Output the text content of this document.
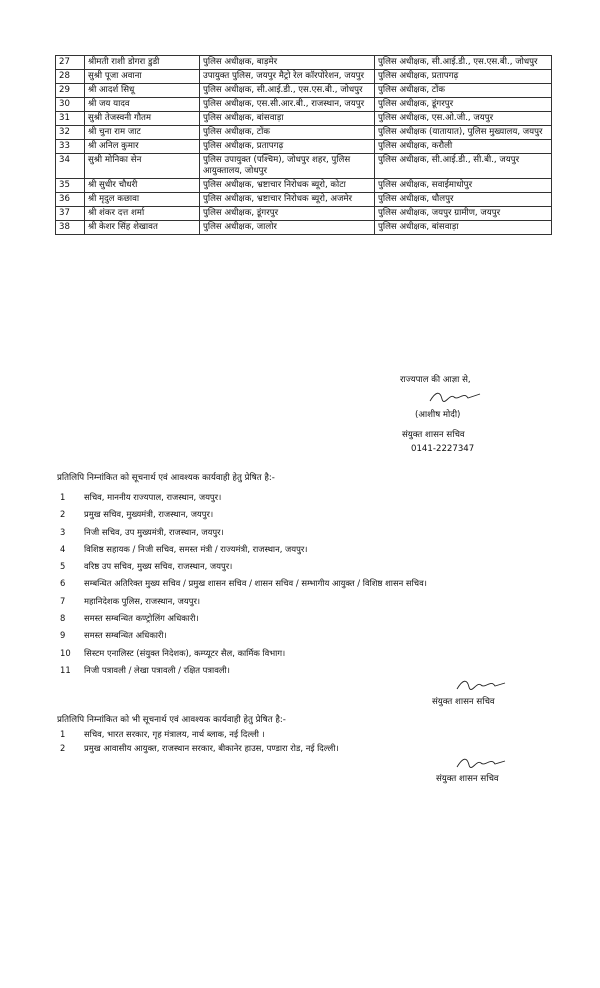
27	श्रीमती राशी डोगरा डुडी	पुलिस अधीक्षक, बाड़मेर	पुलिस अधीक्षक, सी.आई.डी., एस.एस.बी., जोधपुर
28	सुश्री पूजा अवाना	उपायुक्त पुलिस, जयपुर मैट्रो रेल कॉरपोरेशन, जयपुर	पुलिस अधीक्षक, प्रतापगढ़
29	श्री आदर्श सिधू	पुलिस अधीक्षक, सी.आई.डी., एस.एस.बी., जोधपुर	पुलिस अधीक्षक, टोंक
30	श्री जय यादव	पुलिस अधीक्षक, एस.सी.आर.बी., राजस्थान, जयपुर	पुलिस अधीक्षक, डूंगरपुर
31	सुश्री तेजस्वनी गौतम	पुलिस अधीक्षक, बांसवाड़ा	पुलिस अधीक्षक, एस.ओ.जी., जयपुर
32	श्री चुना राम जाट	पुलिस अधीक्षक, टोंक	पुलिस अधीक्षक (यातायात), पुलिस मुख्यालय, जयपुर
33	श्री अनिल कुमार	पुलिस अधीक्षक, प्रतापगढ़	पुलिस अधीक्षक, करौली
34	सुश्री मोनिका सेन	पुलिस उपायुक्त (पश्चिम), जोधपुर शहर, पुलिस आयुक्तालय, जोधपुर	पुलिस अधीक्षक, सी.आई.डी., सी.बी., जयपुर
35	श्री सुधीर चौधरी	पुलिस अधीक्षक, भ्रष्टाचार निरोधक ब्यूरो, कोटा	पुलिस अधीक्षक, सवाईमाधोपुर
36	श्री मृदुल कछावा	पुलिस अधीक्षक, भ्रष्टाचार निरोधक ब्यूरो, अजमेर	पुलिस अधीक्षक, धौलपुर
37	श्री शंकर दत्त शर्मा	पुलिस अधीक्षक, डूंगरपुर	पुलिस अधीक्षक, जयपुर ग्रामीण, जयपुर
38	श्री केशर सिंह शेखावत	पुलिस अधीक्षक, जालोर	पुलिस अधीक्षक, बांसवाड़ा
राज्यपाल की आज्ञा से,
(आशीष मोदी)
संयुक्त शासन सचिव
0141-2227347
प्रतिलिपि निम्नांकित को सूचनार्थ एवं आवश्यक कार्यवाही हेतु प्रेषित है:-
1	सचिव, माननीय राज्यपाल, राजस्थान, जयपुर।
2	प्रमुख सचिव, मुख्यमंत्री, राजस्थान, जयपुर।
3	निजी सचिव, उप मुख्यमंत्री, राजस्थान, जयपुर।
4	विशिष्ठ सहायक / निजी सचिव, समस्त मंत्री / राज्यमंत्री, राजस्थान, जयपुर।
5	वरिष्ठ उप सचिव, मुख्य सचिव, राजस्थान, जयपुर।
6	सम्बन्धित अतिरिक्त मुख्य सचिव / प्रमुख शासन सचिव / शासन सचिव / सम्भागीय आयुक्त / विशिष्ठ शासन सचिव।
7	महानिदेशक पुलिस, राजस्थान, जयपुर।
8	समस्त सम्बन्धित कण्ट्रोलिंग अधिकारी।
9	समस्त सम्बन्धित अधिकारी।
10	सिस्टम एनालिस्ट (संयुक्त निदेशक), कम्प्यूटर सैल, कार्मिक विभाग।
11	निजी पत्रावली / लेखा पत्रावली / रक्षित पत्रावली।
संयुक्त शासन सचिव
प्रतिलिपि निम्नांकित को भी सूचनार्थ एवं आवश्यक कार्यवाही हेतु प्रेषित है:-
1	सचिव, भारत सरकार, गृह मंत्रालय, नार्थ ब्लाक, नई दिल्ली ।
2	प्रमुख आवासीय आयुक्त, राजस्थान सरकार, बीकानेर हाउस, पण्डारा रोड, नई दिल्ली।
संयुक्त शासन सचिव
